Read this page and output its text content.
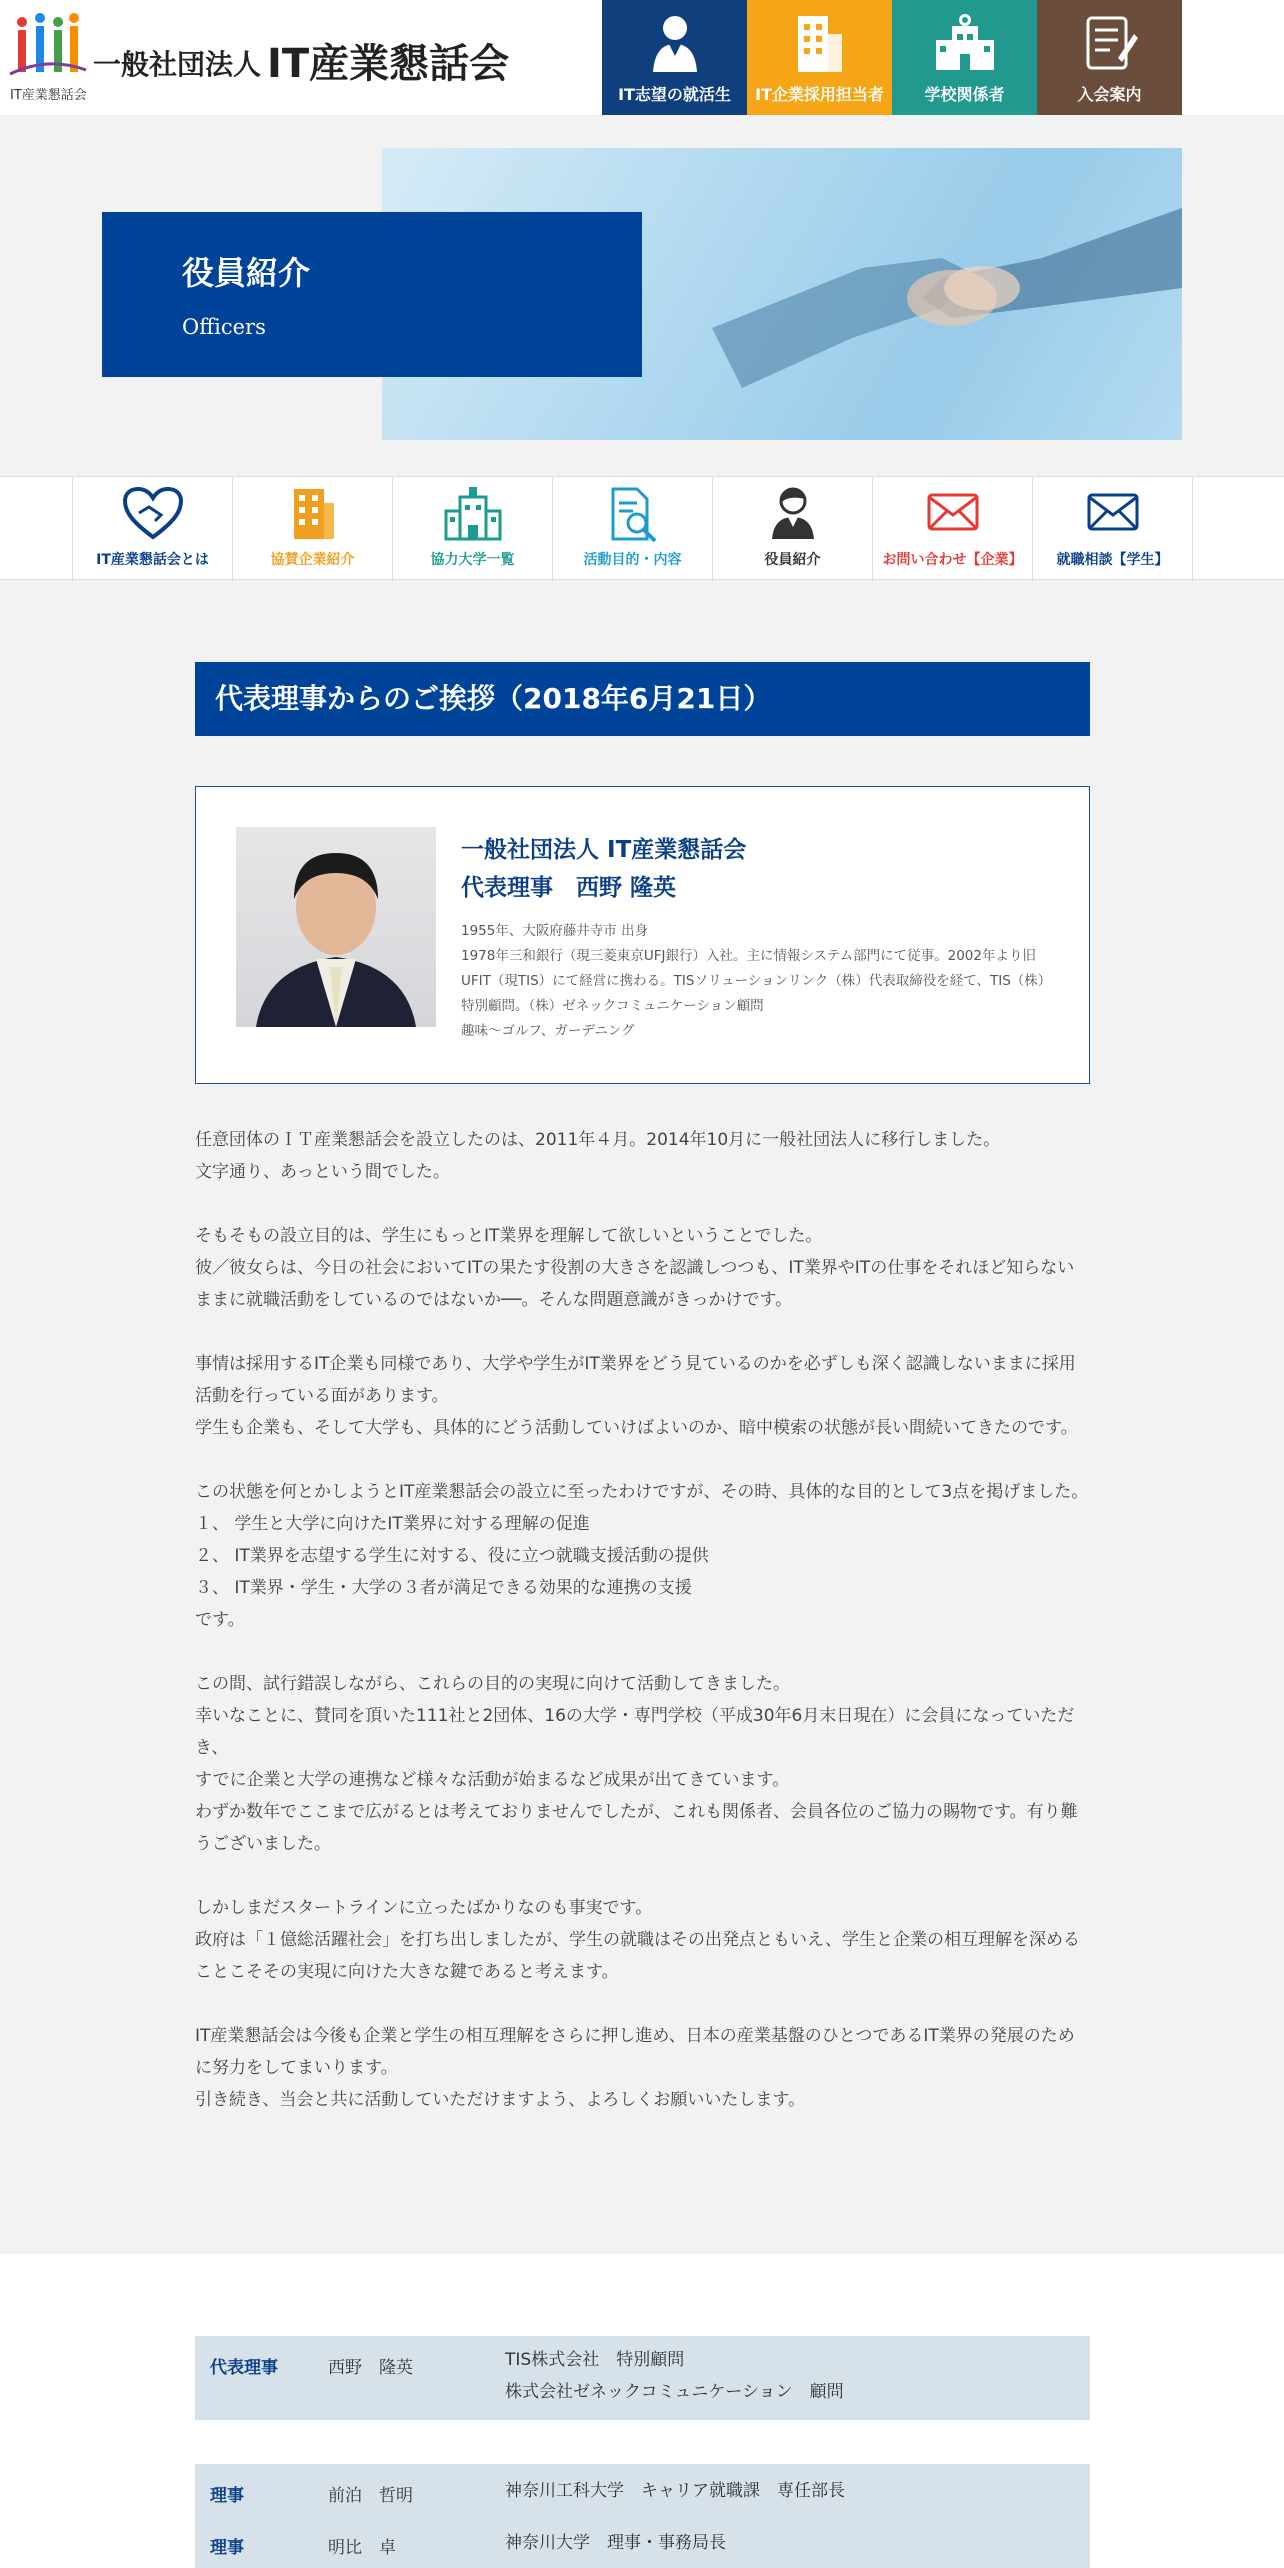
一般社団法人 IT産業懇話会
IT産業懇話会	IT志望の就活生	IT企業採用担当者	学校関係者	入会案内
役員紹介
Officers
IT産業懇話会とは	協賛企業紹介	協力大学一覧	活動目的・内容	役員紹介	お問い合わせ【企業】	就職相談【学生】
代表理事からのご挨拶（2018年6月21日）
一般社団法人 IT産業懇話会
代表理事　西野 隆英
1955年、大阪府藤井寺市 出身
1978年三和銀行（現三菱東京UFJ銀行）入社。主に情報システム部門にて従事。2002年より旧UFIT（現TIS）にて経営に携わる。TISソリューションリンク（株）代表取締役を経て、TIS（株）特別顧問。（株）ゼネックコミュニケーション顧問
趣味〜ゴルフ、ガーデニング

任意団体のＩＴ産業懇話会を設立したのは、2011年４月。2014年10月に一般社団法人に移行しました。
文字通り、あっという間でした。

そもそもの設立目的は、学生にもっとIT業界を理解して欲しいということでした。
彼／彼女らは、今日の社会においてITの果たす役割の大きさを認識しつつも、IT業界やITの仕事をそれほど知らないままに就職活動をしているのではないか──。そんな問題意識がきっかけです。

事情は採用するIT企業も同様であり、大学や学生がIT業界をどう見ているのかを必ずしも深く認識しないままに採用活動を行っている面があります。
学生も企業も、そして大学も、具体的にどう活動していけばよいのか、暗中模索の状態が長い間続いてきたのです。

この状態を何とかしようとIT産業懇話会の設立に至ったわけですが、その時、具体的な目的として3点を掲げました。
１、 学生と大学に向けたIT業界に対する理解の促進
２、 IT業界を志望する学生に対する、役に立つ就職支援活動の提供
３、 IT業界・学生・大学の３者が満足できる効果的な連携の支援
です。

この間、試行錯誤しながら、これらの目的の実現に向けて活動してきました。
幸いなことに、賛同を頂いた111社と2団体、16の大学・専門学校（平成30年6月末日現在）に会員になっていただき、
すでに企業と大学の連携など様々な活動が始まるなど成果が出てきています。
わずか数年でここまで広がるとは考えておりませんでしたが、これも関係者、会員各位のご協力の賜物です。有り難うございました。

しかしまだスタートラインに立ったばかりなのも事実です。
政府は「１億総活躍社会」を打ち出しましたが、学生の就職はその出発点ともいえ、学生と企業の相互理解を深めることこそその実現に向けた大きな鍵であると考えます。

IT産業懇話会は今後も企業と学生の相互理解をさらに押し進め、日本の産業基盤のひとつであるIT業界の発展のために努力をしてまいります。
引き続き、当会と共に活動していただけますよう、よろしくお願いいたします。

代表理事	西野　隆英	TIS株式会社　特別顧問
株式会社ゼネックコミュニケーション　顧問
理事	前泊　哲明	神奈川工科大学　キャリア就職課　専任部長
理事	明比　卓	神奈川大学　理事・事務局長
